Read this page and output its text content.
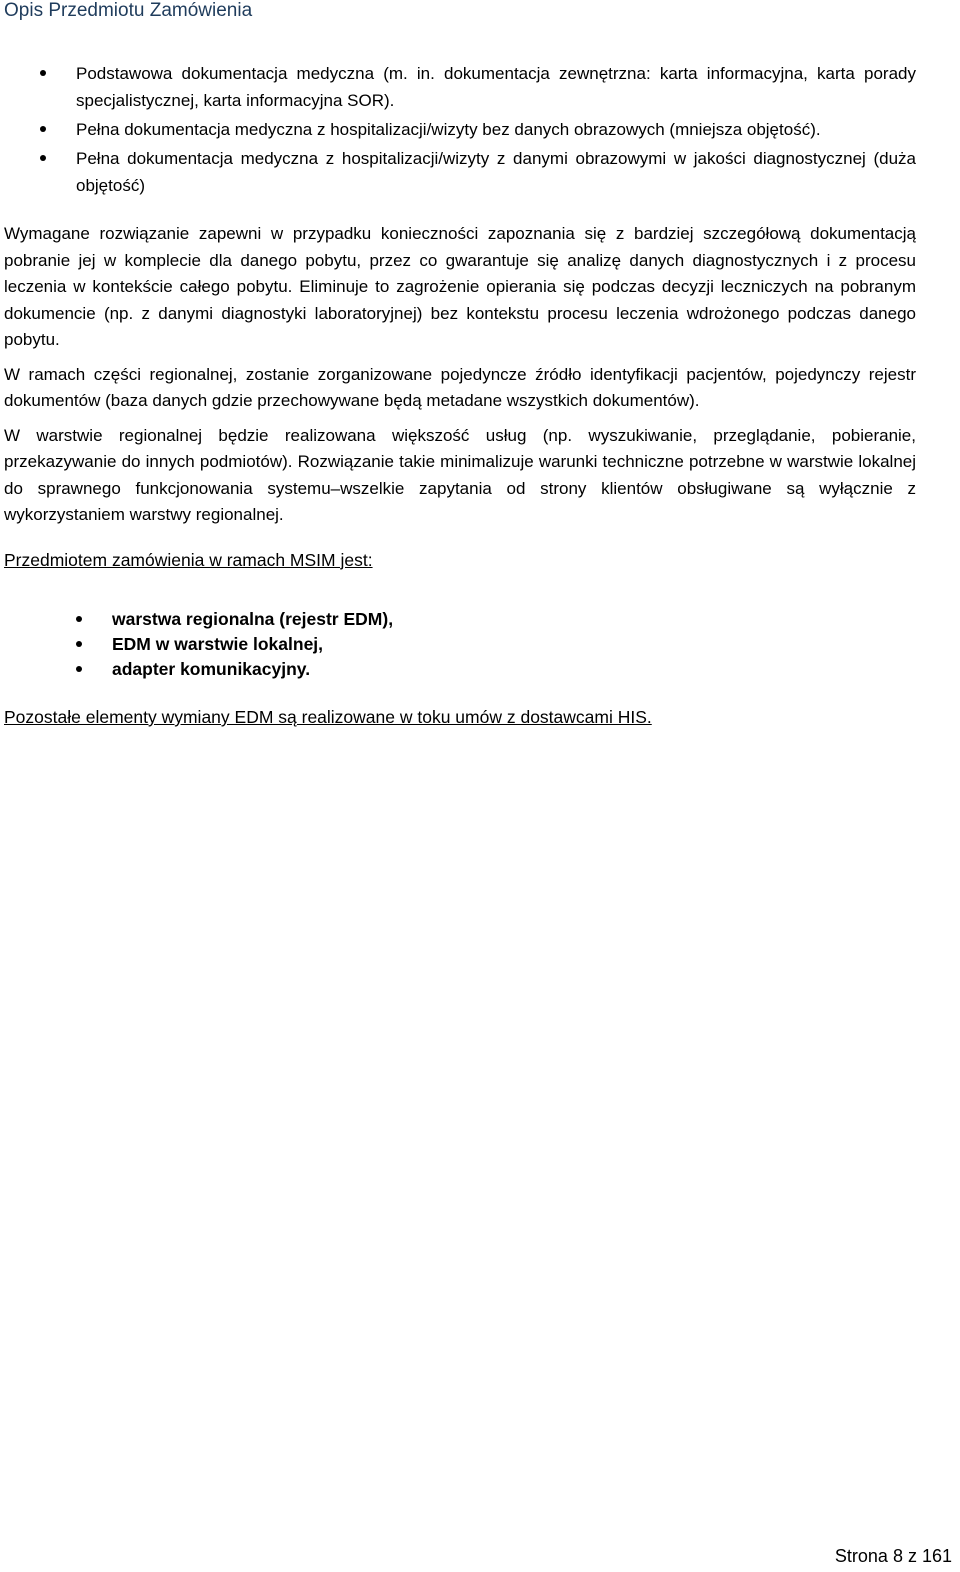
Opis Przedmiotu Zamówienia
Podstawowa dokumentacja medyczna (m. in. dokumentacja zewnętrzna: karta informacyjna, karta porady specjalistycznej, karta informacyjna SOR).
Pełna dokumentacja medyczna z hospitalizacji/wizyty bez danych obrazowych (mniejsza objętość).
Pełna dokumentacja medyczna z hospitalizacji/wizyty z danymi obrazowymi w jakości diagnostycznej (duża objętość)

Wymagane rozwiązanie zapewni w przypadku konieczności zapoznania się z bardziej szczegółową dokumentacją pobranie jej w komplecie dla danego pobytu, przez co gwarantuje się analizę danych diagnostycznych i z procesu leczenia w kontekście całego pobytu. Eliminuje to zagrożenie opierania się podczas decyzji leczniczych na pobranym dokumencie (np. z danymi diagnostyki laboratoryjnej) bez kontekstu procesu leczenia wdrożonego podczas danego pobytu.

W ramach części regionalnej, zostanie zorganizowane pojedyncze źródło identyfikacji pacjentów, pojedynczy rejestr dokumentów (baza danych gdzie przechowywane będą metadane wszystkich dokumentów).

W warstwie regionalnej będzie realizowana większość usług (np. wyszukiwanie, przeglądanie, pobieranie, przekazywanie do innych podmiotów). Rozwiązanie takie minimalizuje warunki techniczne potrzebne w warstwie lokalnej do sprawnego funkcjonowania systemu–wszelkie zapytania od strony klientów obsługiwane są wyłącznie z wykorzystaniem warstwy regionalnej.

Przedmiotem zamówienia w ramach MSIM jest:

warstwa regionalna (rejestr EDM),
EDM w warstwie lokalnej,
adapter komunikacyjny.

Pozostałe elementy wymiany EDM są realizowane w toku umów z dostawcami HIS.

Strona 8 z 161
